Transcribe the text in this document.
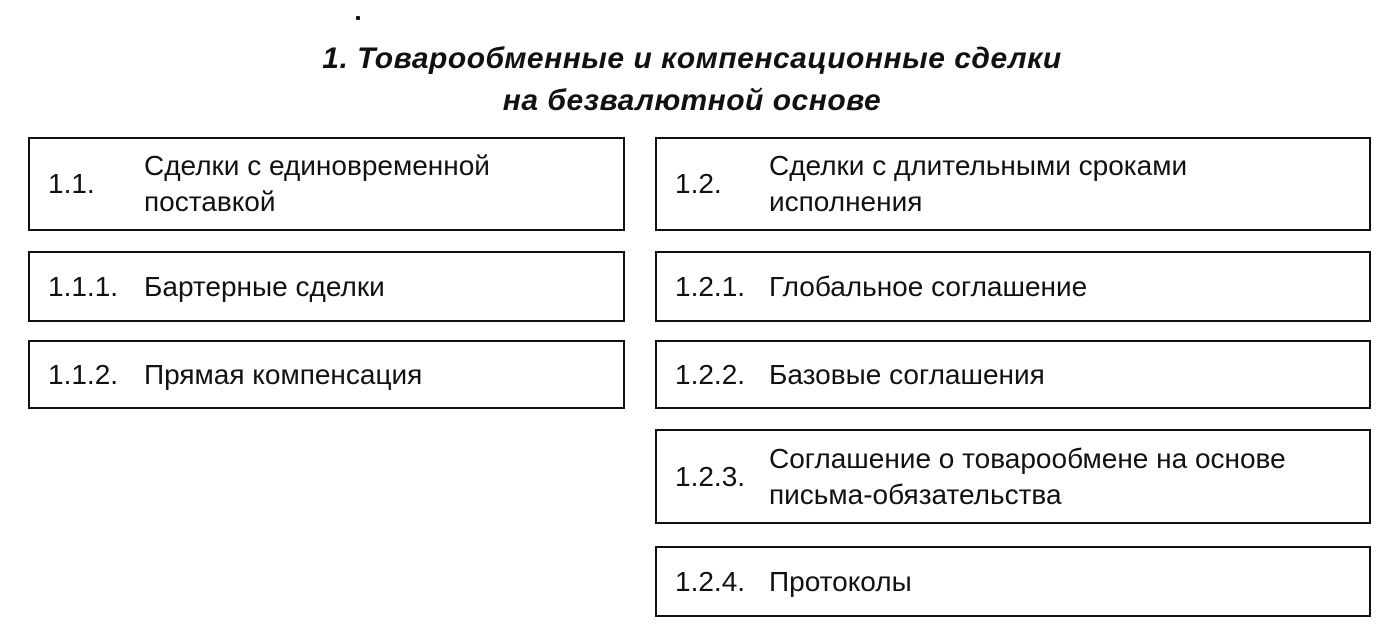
1. Товарообменные и компенсационные сделки
на безвалютной основе
1.1.
Сделки с единовременной поставкой
1.1.1. Бартерные сделки
1.1.2. Прямая компенсация
1.2.
Сделки с длительными сроками исполнения
1.2.1. Глобальное соглашение
1.2.2. Базовые соглашения
1.2.3.
Соглашение о товарообмене на основе письма-обязательства
1.2.4. Протоколы
